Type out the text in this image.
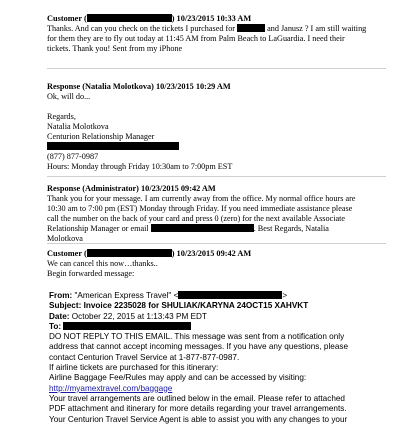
Customer (	) 10/23/2015 10:33 AM
Thanks. And can you check on the tickets I purchased for	and Janusz ? I am still waiting
for them they are to fly out today at 11:45 AM from Palm Beach to LaGuardia. I need their
tickets. Thank you! Sent from my iPhone
Response (Natalia Molotkova) 10/23/2015 10:29 AM
Ok, will do...
Regards,
Natalia Molotkova
Centurion Relationship Manager
(877) 877-0987
Hours: Monday through Friday 10:30am to 7:00pm EST
Response (Administrator) 10/23/2015 09:42 AM
Thank you for your message. I am currently away from the office. My normal office hours are
10:30 am to 7:00 pm (EST) Monday through Friday. If you need immediate assistance please
call the number on the back of your card and press 0 (zero) for the next available Associate
Relationship Manager or email	. Best Regards, Natalia
Molotkova
Customer (	) 10/23/2015 09:42 AM
We can cancel this now…thanks..
Begin forwarded message:

From: "American Express Travel" <	>

Subject: Invoice 2235028 for SHULIAK/KARYNA 24OCT15 XAHVKT

Date: October 22, 2015 at 1:13:43 PM EDT

To:

DO NOT REPLY TO THIS EMAIL. This message was sent from a notification only

address that cannot accept incoming messages. If you have any questions, please

contact Centurion Travel Service at 1-877-877-0987.

If airline tickets are purchased for this itinerary:

Airline Baggage Fee/Rules may apply and can be accessed by visiting:

http://myamextravel.com/baggage

Your travel arrangements are outlined below in the email. Please refer to attached

PDF attachment and itinerary for more details regarding your travel arrangements.

Your Centurion Travel Service Agent is able to assist you with any changes to your
